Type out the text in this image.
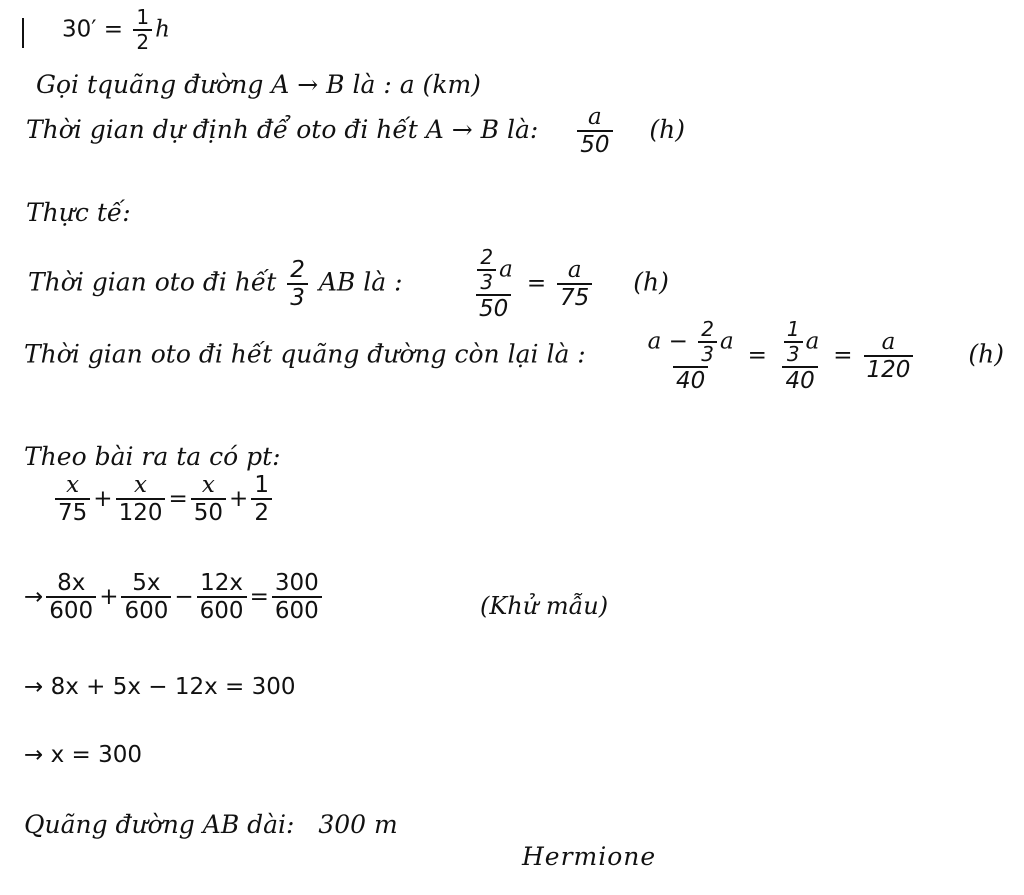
$30' = \frac{1}{2}$ h
Gọi tquãng đường A → B là : a (km)
Thời gian dự định để oto đi hết A → B là: $\frac{a}{50} (h)$
Thực tế:
Thời gian oto đi hết $\frac{2}{3}$ AB là :	$\frac{\frac{2}{3} a}{50} = \frac{a}{75} (h)$
Thời gian oto đi hết quãng đường còn lại là :	$\frac{a - \frac{2}{3} a}{40} = \frac{\frac{1}{3} a}{40} = \frac{a}{120} (h)$
Theo bài ra ta có pt:
$\frac{x}{75} + \frac{x}{120} = \frac{x}{50} + \frac{1}{2}$
→ $\frac{8x}{600} + \frac{5x}{600} - \frac{12x}{600} = \frac{300}{600}$	(Khử mẫu)
→ 8x + 5x − 12x = 300
→ x = 300
Quãng đường AB dài: 300 m
Hermione
